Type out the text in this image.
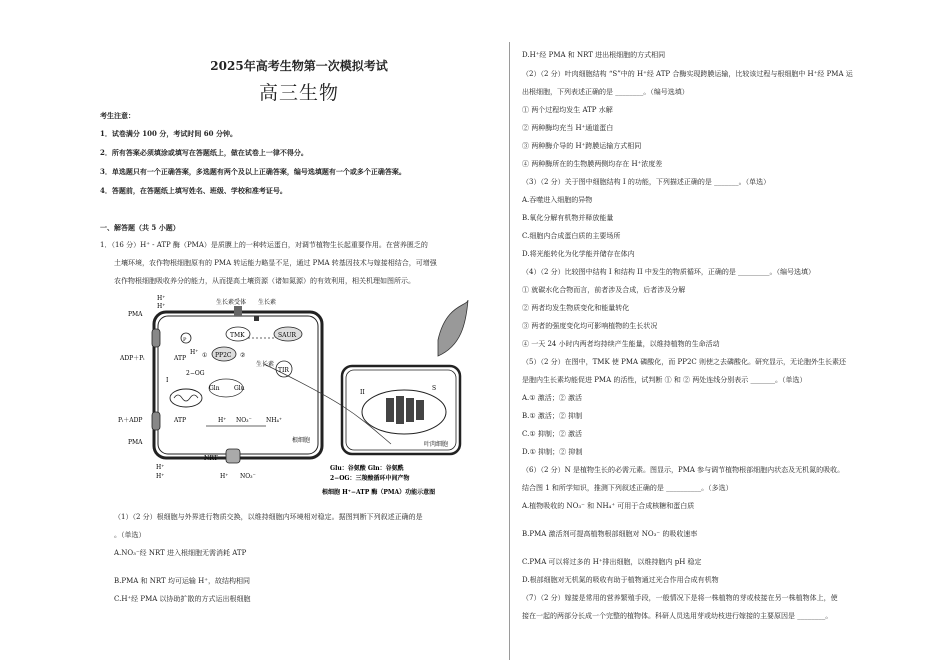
2025年高考生物第一次模拟考试
高三生物
考生注意：
1．试卷满分 100 分，考试时间 60 分钟。
2．所有答案必须填涂或填写在答题纸上，做在试卷上一律不得分。
3．单选题只有一个正确答案，多选题有两个及以上正确答案，编号选填题有一个或多个正确答案。
4．答题前，在答题纸上填写姓名、班级、学校和准考证号。
一、解答题（共 5 小题）
1．（16 分）H⁺ - ATP 酶（PMA）是质膜上的一种转运蛋白，对调节植物生长起重要作用。在营养匮乏的
土壤环境，农作物根细胞原有的 PMA 转运能力略显不足，通过 PMA 转基因技术与嫁接相结合，可增强
农作物根细胞吸收养分的能力，从而提高土壤资源（诸如氮源）的有效利用，相关机理如图所示。
PMA
H⁺
H⁺
P
ADP＋Pᵢ	ATP
H⁺
生长素受体 生长素
TMK	SAUR
PP2C
①	②
生长素
TIR
I
2−OG
Gln Glu
Pᵢ＋ADP	ATP	H⁺ NO₃⁻ NH₄⁺
根细胞
PMA
NRT
H⁺
H⁺	H⁺ NO₃⁻
II
S
叶肉细胞
Glu：谷氨酸 Gln：谷氨酰
2−OG：三羧酸循环中间产物
根细胞 H⁺−ATP 酶（PMA）功能示意图
（1）（2 分）根细胞与外界进行物质交换，以维持细胞内环境相对稳定。据图判断下列叙述正确的是
。（单选）
A.NO₃⁻经 NRT 进入根细胞无需消耗 ATP
B.PMA 和 NRT 均可运输 H⁺，故结构相同
C.H⁺经 PMA 以协助扩散的方式运出根细胞
D.H⁺经 PMA 和 NRT 进出根细胞的方式相同
（2）（2 分）叶肉细胞结构 “S”中的 H⁺经 ATP 合酶实现跨膜运输，比较该过程与根细胞中 H⁺经 PMA 运
出根细胞，下列表述正确的是 ________。（编号选填）
① 两个过程均发生 ATP 水解
② 两种酶均充当 H⁺通道蛋白
③ 两种酶介导的 H⁺跨膜运输方式相同
④ 两种酶所在的生物膜两侧均存在 H⁺浓度差
（3）（2 分）关于图中细胞结构 I 的功能，下列描述正确的是 _______。（单选）
A.吞噬进入细胞的异物
B.氧化分解有机物并释放能量
C.细胞内合成蛋白质的主要场所
D.将光能转化为化学能并储存在体内
（4）（2 分）比较图中结构 I 和结构 II 中发生的物质循环，正确的是 _________。（编号选填）
① 就碳水化合物而言，前者涉及合成，后者涉及分解
② 两者均发生物质变化和能量转化
③ 两者的强度变化均可影响植物的生长状况
④ 一天 24 小时内两者均持续产生能量，以维持植物的生命活动
（5）（2 分）在图中，TMK 使 PMA 磷酸化，而 PP2C 则使之去磷酸化。研究显示，无论胞外生长素还
是胞内生长素均能促进 PMA 的活性，试判断 ① 和 ② 两处连线分别表示 _______。（单选）
A.① 激活；② 激活
B.① 激活；② 抑制
C.① 抑制；② 激活
D.① 抑制；② 抑制
（6）（2 分）N 是植物生长的必需元素。图显示，PMA 参与调节植物根部细胞内状态及无机氮的吸收。
结合图 1 和所学知识，推测下列叙述正确的是 __________。（多选）
A.植物吸收的 NO₃⁻ 和 NH₄⁺ 可用于合成核糖和蛋白质
B.PMA 激活剂可提高植物根部细胞对 NO₃⁻ 的吸收速率
C.PMA 可以将过多的 H⁺排出细胞，以维持胞内 pH 稳定
D.根部细胞对无机氮的吸收有助于植物通过光合作用合成有机物
（7）（2 分）嫁接是常用的营养繁殖手段，一般情况下是将一株植物的芽或枝接在另一株植物体上，使
接在一起的两部分长成一个完整的植物体。科研人员选用芽或幼枝进行嫁接的主要原因是 ________。
